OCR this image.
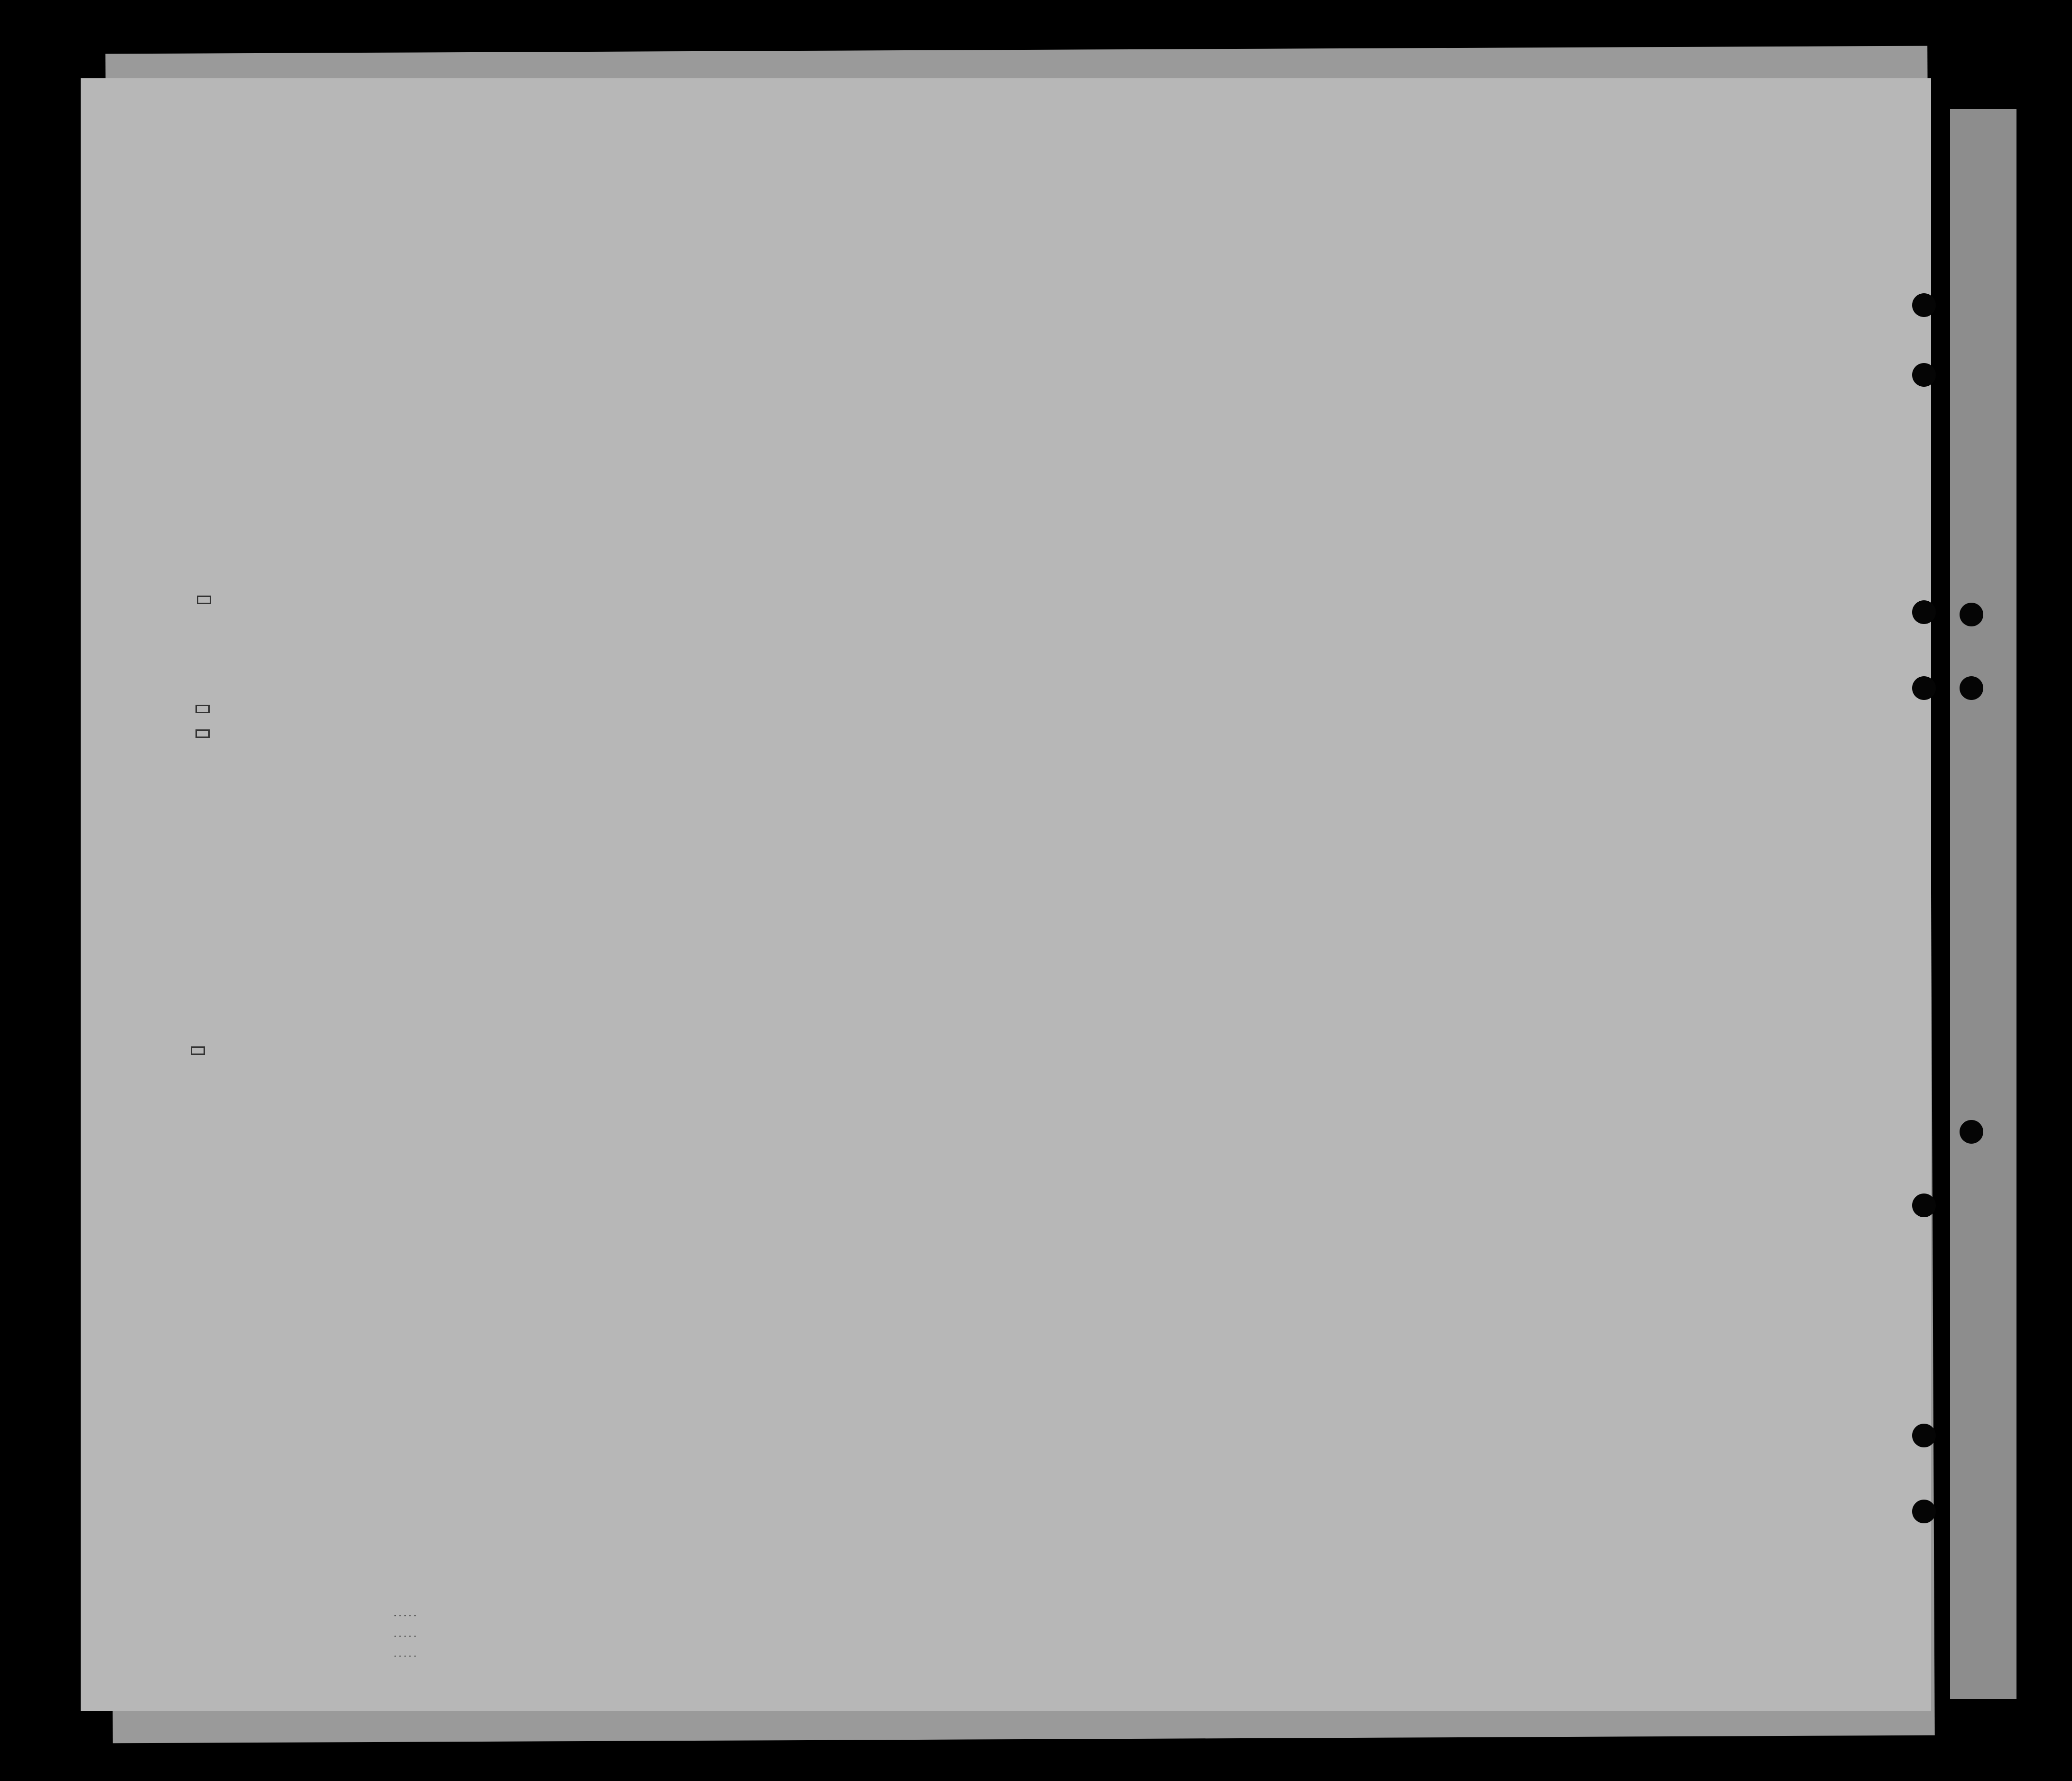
. . . . .
. . . . .
. . . . .
